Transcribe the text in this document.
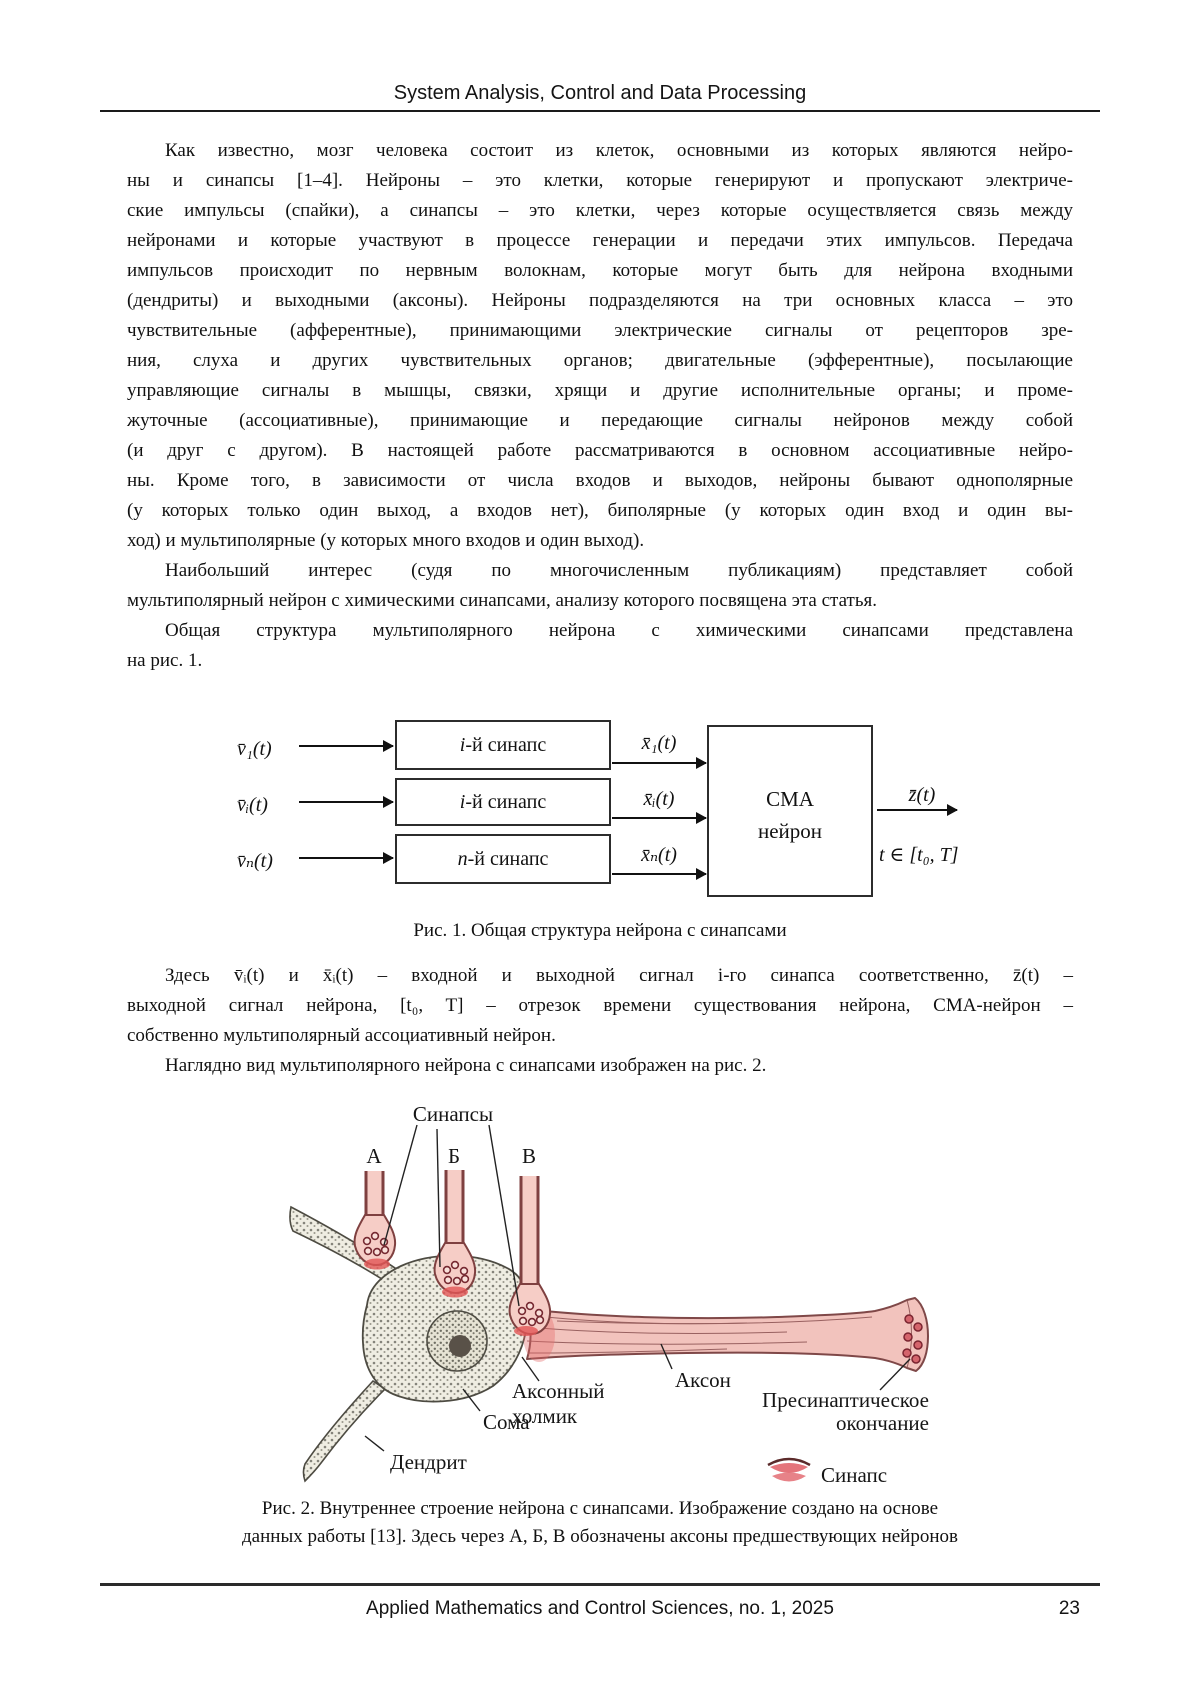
System Analysis, Control and Data Processing
Как известно, мозг человека состоит из клеток, основными из которых являются нейро-
ны и синапсы [1–4]. Нейроны – это клетки, которые генерируют и пропускают электриче-
ские импульсы (спайки), а синапсы – это клетки, через которые осуществляется связь между
нейронами и которые участвуют в процессе генерации и передачи этих импульсов. Передача
импульсов происходит по нервным волокнам, которые могут быть для нейрона входными
(дендриты) и выходными (аксоны). Нейроны подразделяются на три основных класса – это
чувствительные (афферентные), принимающими электрические сигналы от рецепторов зре-
ния, слуха и других чувствительных органов; двигательные (эфферентные), посылающие
управляющие сигналы в мышцы, связки, хрящи и другие исполнительные органы; и проме-
жуточные (ассоциативные), принимающие и передающие сигналы нейронов между собой
(и друг с другом). В настоящей работе рассматриваются в основном ассоциативные нейро-
ны. Кроме того, в зависимости от числа входов и выходов, нейроны бывают однополярные
(у которых только один выход, а входов нет), биполярные (у которых один вход и один вы-
ход) и мультиполярные (у которых много входов и один выход).
Наибольший интерес (судя по многочисленным публикациям) представляет собой
мультиполярный нейрон с химическими синапсами, анализу которого посвящена эта статья.
Общая структура мультиполярного нейрона с химическими синапсами представлена
на рис. 1.
v̄₁(t)
v̄ᵢ(t)
v̄ₙ(t)
i-й синапс
i-й синапс
n-й синапс
x̄₁(t)
x̄ᵢ(t)
x̄ₙ(t)
СМА
нейрон
z̄(t)
t ∈ [t₀, T]
Рис. 1. Общая структура нейрона с синапсами
Здесь v̄ᵢ(t) и x̄ᵢ(t) – входной и выходной сигнал i-го синапса соответственно, z̄(t) –
выходной сигнал нейрона, [t₀, T] – отрезок времени существования нейрона, СМА-нейрон –
собственно мультиполярный ассоциативный нейрон.
Наглядно вид мультиполярного нейрона с синапсами изображен на рис. 2.
Синапсы
А	Б	В
Аксон
Аксонный
холмик
Сома
Дендрит
Пресинаптическое
окончание
Синапс
Рис. 2. Внутреннее строение нейрона с синапсами. Изображение создано на основе
данных работы [13]. Здесь через А, Б, В обозначены аксоны предшествующих нейронов
Applied Mathematics and Control Sciences, no. 1, 2025	23
